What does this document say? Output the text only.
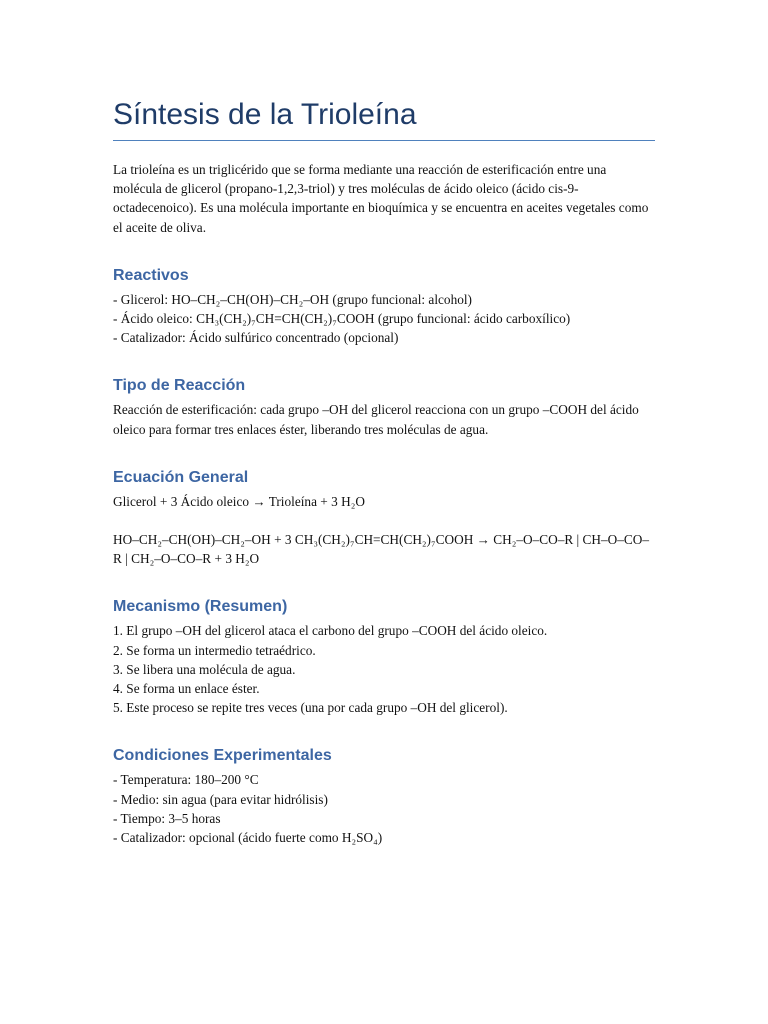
Síntesis de la Trioleína

La trioleína es un triglicérido que se forma mediante una reacción de esterificación entre una molécula de glicerol (propano-1,2,3-triol) y tres moléculas de ácido oleico (ácido cis-9-octadecenoico). Es una molécula importante en bioquímica y se encuentra en aceites vegetales como el aceite de oliva.

Reactivos
- Glicerol: HO–CH₂–CH(OH)–CH₂–OH (grupo funcional: alcohol)
- Ácido oleico: CH₃(CH₂)₇CH=CH(CH₂)₇COOH (grupo funcional: ácido carboxílico)
- Catalizador: Ácido sulfúrico concentrado (opcional)
Tipo de Reacción

Reacción de esterificación: cada grupo –OH del glicerol reacciona con un grupo –COOH del ácido oleico para formar tres enlaces éster, liberando tres moléculas de agua.

Ecuación General
Glicerol + 3 Ácido oleico → Trioleína + 3 H₂O
HO–CH₂–CH(OH)–CH₂–OH + 3 CH₃(CH₂)₇CH=CH(CH₂)₇COOH → CH₂–O–CO–R | CH–O–CO–R | CH₂–O–CO–R + 3 H₂O
Mecanismo (Resumen)
1. El grupo –OH del glicerol ataca el carbono del grupo –COOH del ácido oleico.
2. Se forma un intermedio tetraédrico.
3. Se libera una molécula de agua.
4. Se forma un enlace éster.
5. Este proceso se repite tres veces (una por cada grupo –OH del glicerol).
Condiciones Experimentales
- Temperatura: 180–200 °C
- Medio: sin agua (para evitar hidrólisis)
- Tiempo: 3–5 horas
- Catalizador: opcional (ácido fuerte como H₂SO₄)
